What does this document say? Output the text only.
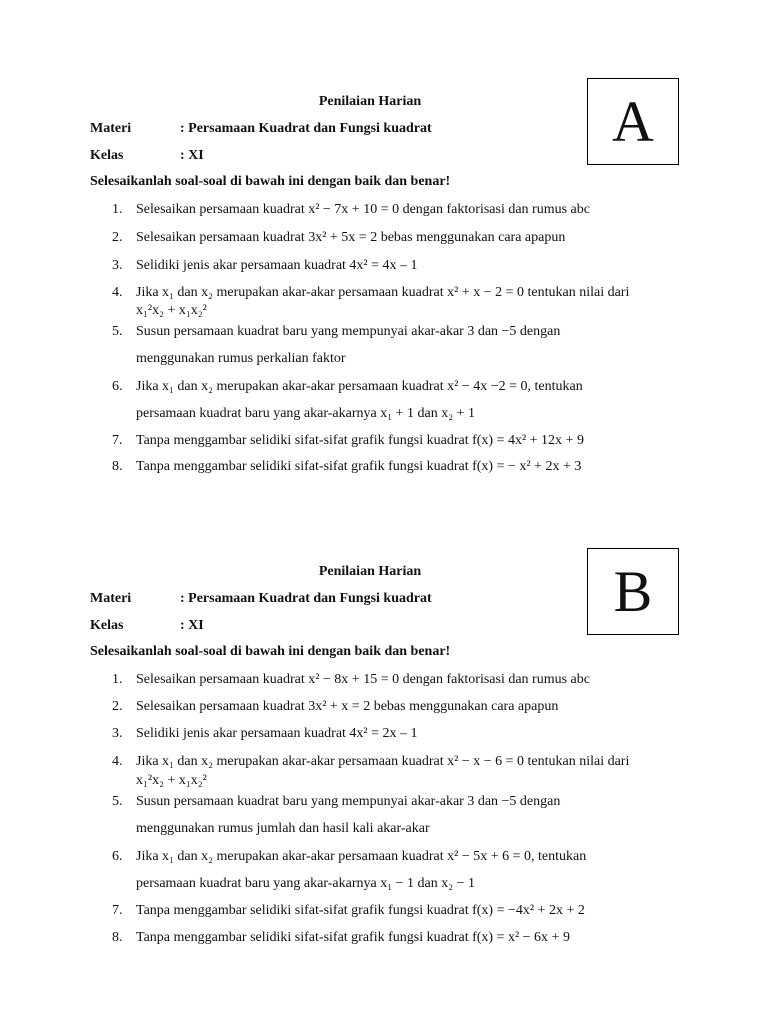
A
Penilaian Harian
Materi	: Persamaan Kuadrat dan Fungsi kuadrat
Kelas	: XI
Selesaikanlah soal-soal di bawah ini dengan baik dan benar!
1. Selesaikan persamaan kuadrat x² − 7x + 10 = 0 dengan faktorisasi dan rumus abc
2. Selesaikan persamaan kuadrat 3x² + 5x = 2 bebas menggunakan cara apapun
3. Selidiki jenis akar persamaan kuadrat 4x² = 4x – 1
4. Jika x₁ dan x₂ merupakan akar-akar persamaan kuadrat x² + x − 2 = 0 tentukan nilai dari
x₁²x₂ + x₁x₂²
5. Susun persamaan kuadrat baru yang mempunyai akar-akar 3 dan −5 dengan
menggunakan rumus perkalian faktor
6. Jika x₁ dan x₂ merupakan akar-akar persamaan kuadrat x² − 4x −2 = 0, tentukan
persamaan kuadrat baru yang akar-akarnya x₁ + 1 dan x₂ + 1
7. Tanpa menggambar selidiki sifat-sifat grafik fungsi kuadrat f(x) = 4x² + 12x + 9
8. Tanpa menggambar selidiki sifat-sifat grafik fungsi kuadrat f(x) = − x² + 2x + 3
B
Penilaian Harian
Materi	: Persamaan Kuadrat dan Fungsi kuadrat
Kelas	: XI
Selesaikanlah soal-soal di bawah ini dengan baik dan benar!
1. Selesaikan persamaan kuadrat x² − 8x + 15 = 0 dengan faktorisasi dan rumus abc
2. Selesaikan persamaan kuadrat 3x² + x = 2 bebas menggunakan cara apapun
3. Selidiki jenis akar persamaan kuadrat 4x² = 2x – 1
4. Jika x₁ dan x₂ merupakan akar-akar persamaan kuadrat x² − x − 6 = 0 tentukan nilai dari
x₁²x₂ + x₁x₂²
5. Susun persamaan kuadrat baru yang mempunyai akar-akar 3 dan −5 dengan
menggunakan rumus jumlah dan hasil kali akar-akar
6. Jika x₁ dan x₂ merupakan akar-akar persamaan kuadrat x² − 5x + 6 = 0, tentukan
persamaan kuadrat baru yang akar-akarnya x₁ − 1 dan x₂ − 1
7. Tanpa menggambar selidiki sifat-sifat grafik fungsi kuadrat f(x) = −4x² + 2x + 2
8. Tanpa menggambar selidiki sifat-sifat grafik fungsi kuadrat f(x) = x² − 6x + 9
